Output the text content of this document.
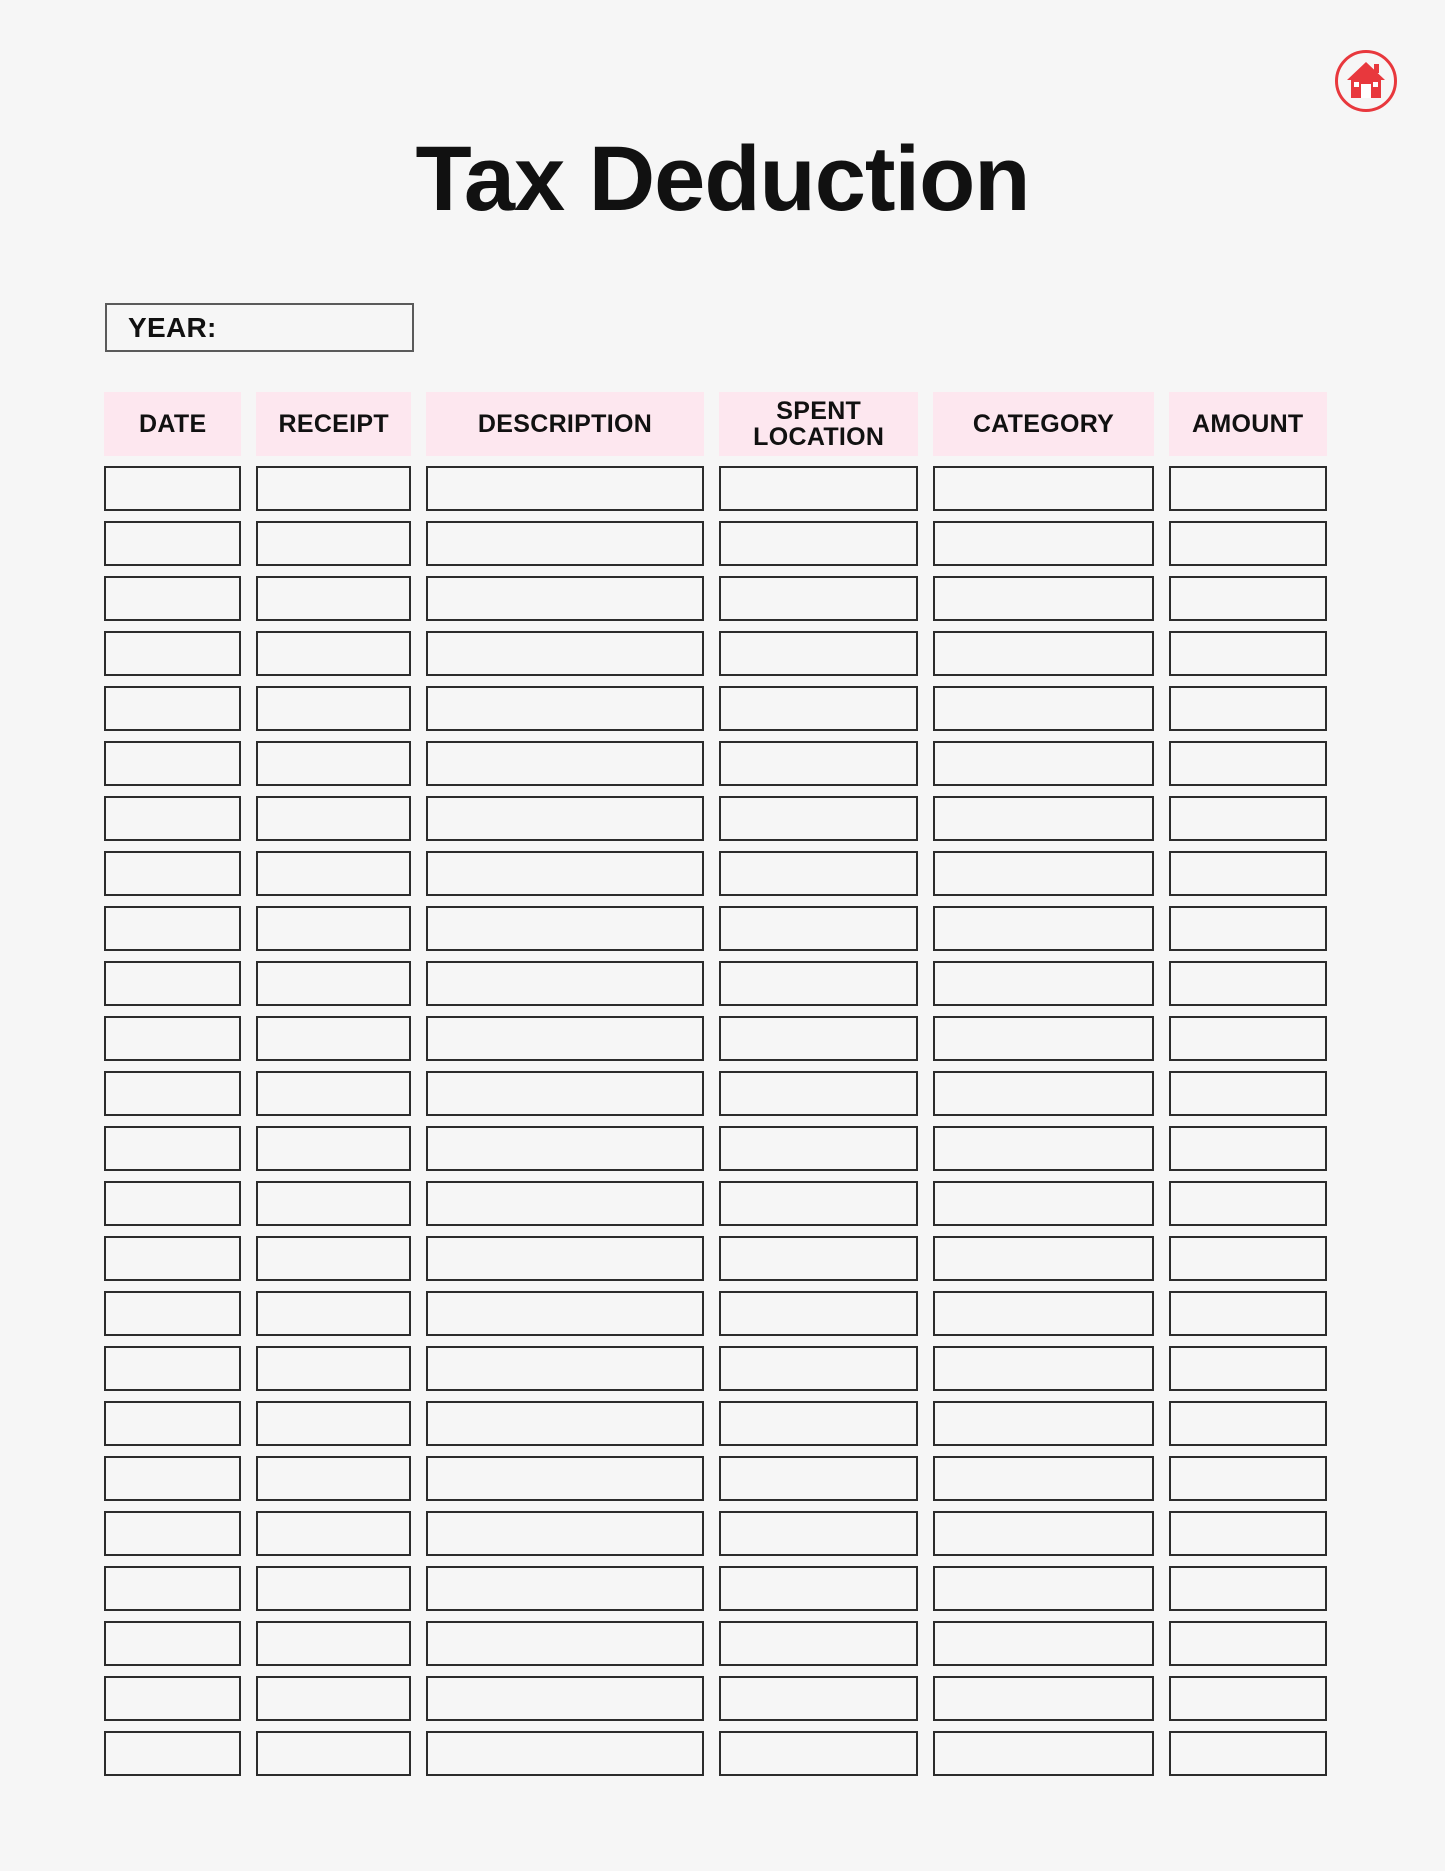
Tax Deduction
YEAR:
DATE	RECEIPT	DESCRIPTION	SPENT LOCATION	CATEGORY	AMOUNT
